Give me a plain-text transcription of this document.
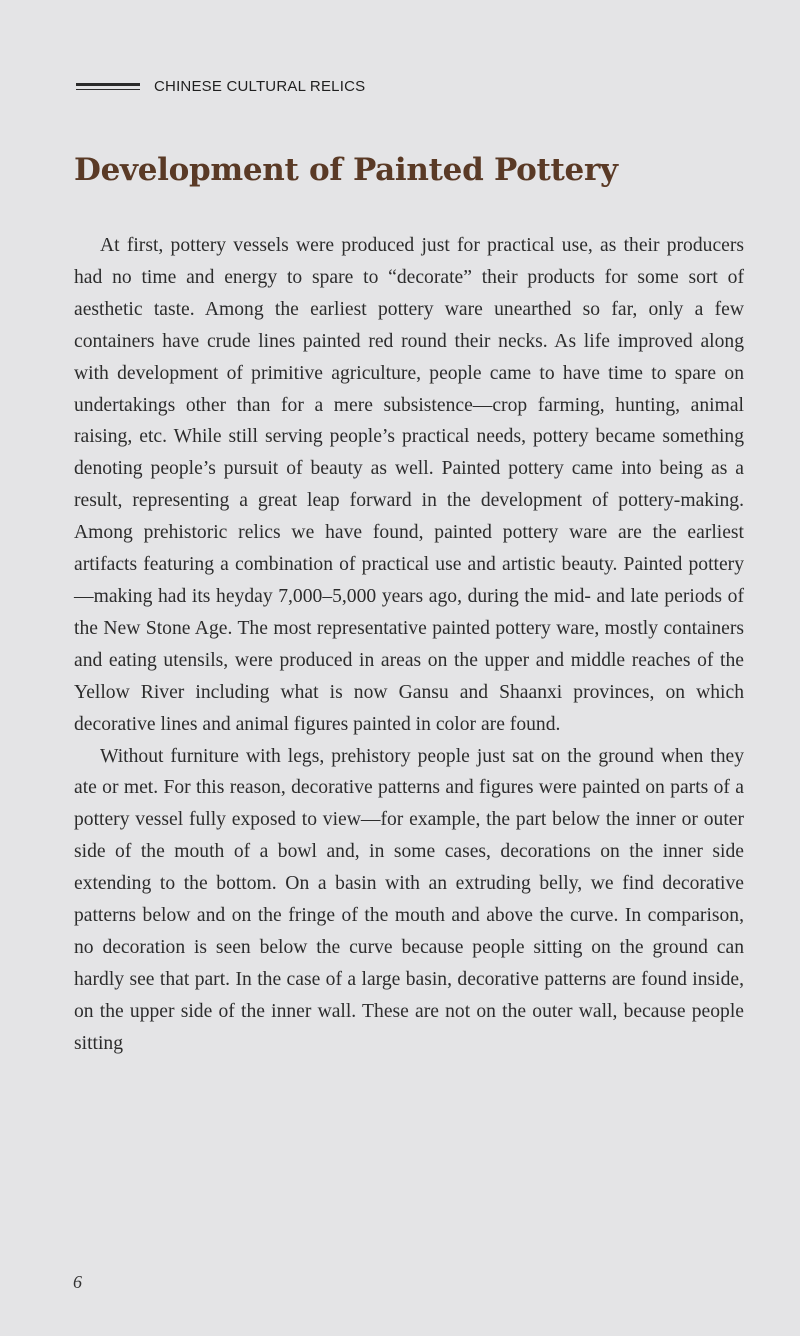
CHINESE CULTURAL RELICS
Development of Painted Pottery

At first, pottery vessels were produced just for practical use, as their producers had no time and energy to spare to “decorate” their products for some sort of aesthetic taste. Among the earliest pottery ware unearthed so far, only a few containers have crude lines painted red round their necks. As life improved along with development of primitive agriculture, people came to have time to spare on undertakings other than for a mere subsistence—crop farming, hunting, animal raising, etc. While still serving people’s practical needs, pottery became something denoting people’s pursuit of beauty as well. Painted pottery came into being as a result, representing a great leap forward in the development of pottery-making. Among prehistoric relics we have found, painted pottery ware are the earliest artifacts featuring a combination of practical use and artistic beauty. Painted pottery—making had its heyday 7,000–5,000 years ago, during the mid- and late periods of the New Stone Age. The most representative painted pottery ware, mostly containers and eating utensils, were produced in areas on the upper and middle reaches of the Yellow River including what is now Gansu and Shaanxi provinces, on which decorative lines and animal figures painted in color are found.

Without furniture with legs, prehistory people just sat on the ground when they ate or met. For this reason, decorative patterns and figures were painted on parts of a pottery vessel fully exposed to view—for example, the part below the inner or outer side of the mouth of a bowl and, in some cases, decorations on the inner side extending to the bottom. On a basin with an extruding belly, we find decorative patterns below and on the fringe of the mouth and above the curve. In comparison, no decoration is seen below the curve because people sitting on the ground can hardly see that part. In the case of a large basin, decorative patterns are found inside, on the upper side of the inner wall. These are not on the outer wall, because people sitting

6
